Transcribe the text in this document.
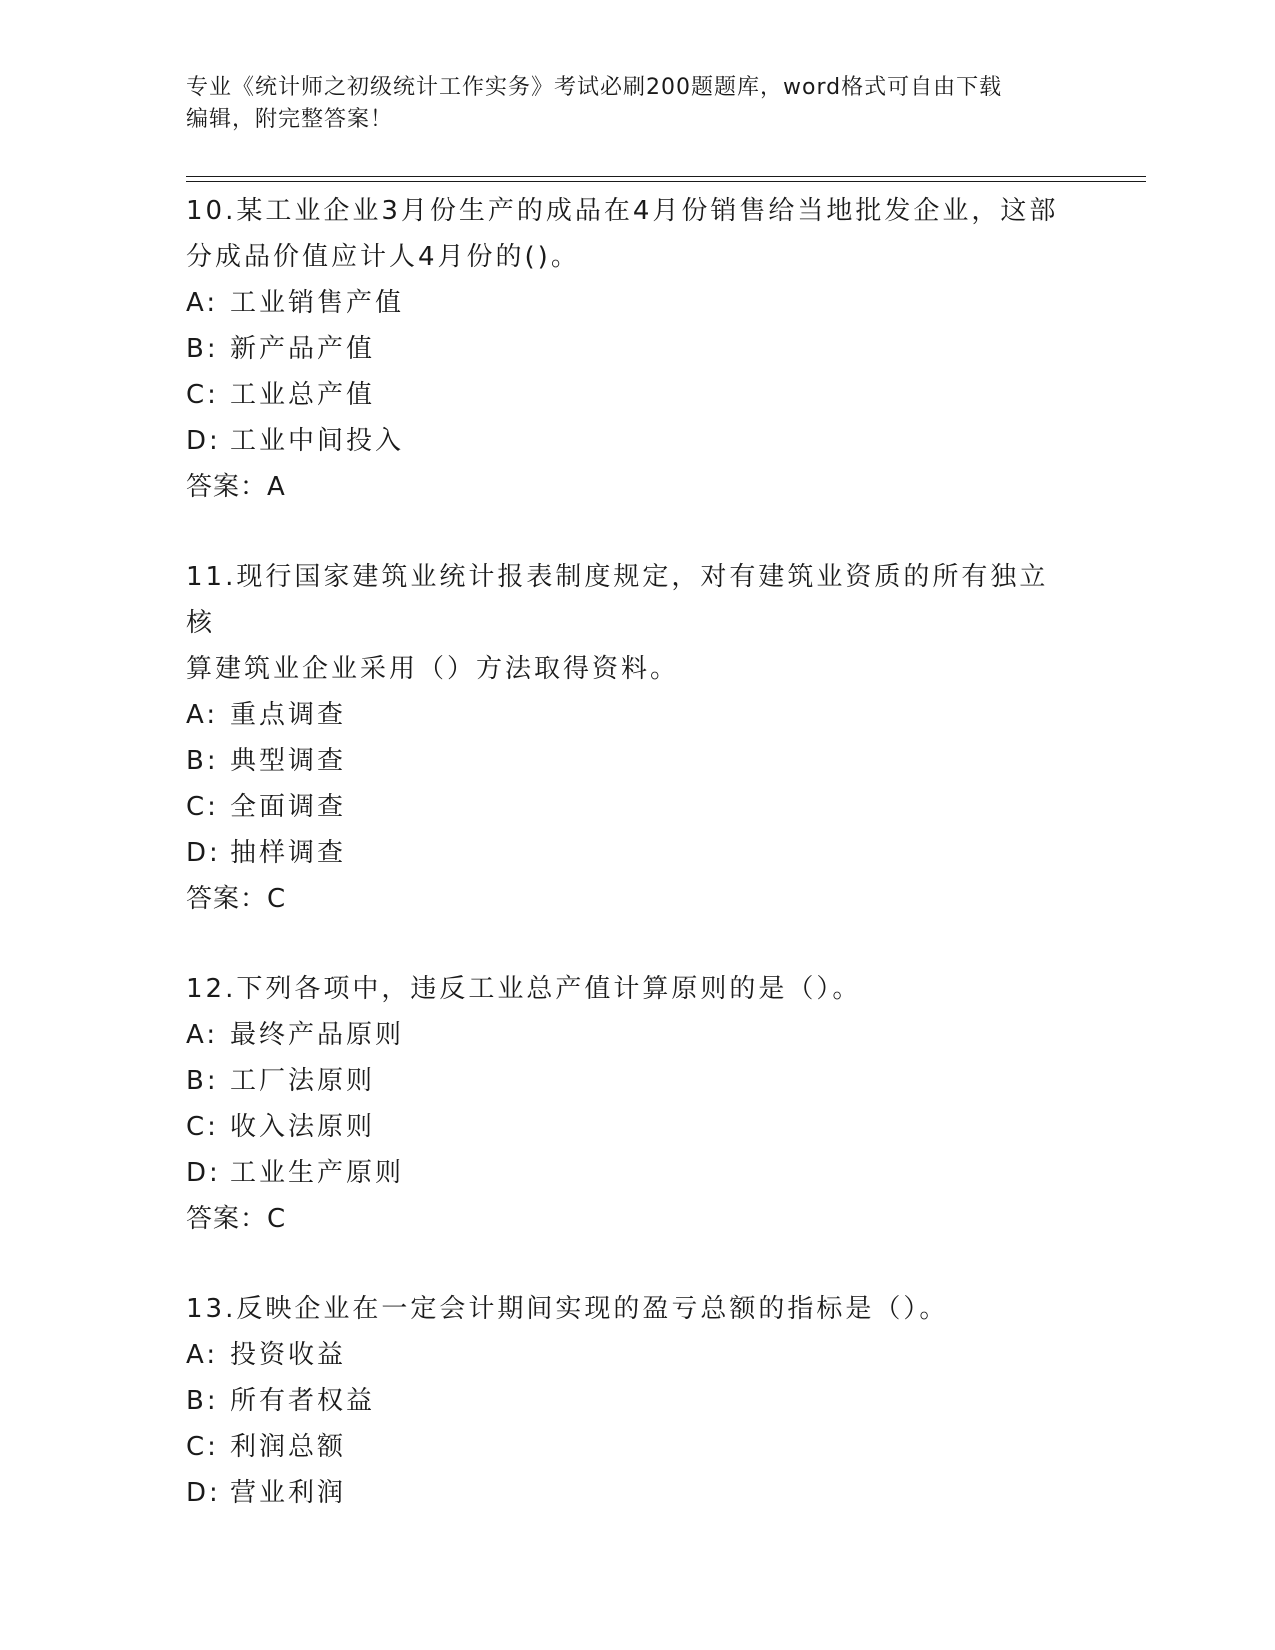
专业《统计师之初级统计工作实务》考试必刷200题题库，word格式可自由下载
编辑，附完整答案！
10.某工业企业3月份生产的成品在4月份销售给当地批发企业，这部
分成品价值应计人4月份的()。
A: 工业销售产值
B: 新产品产值
C: 工业总产值
D: 工业中间投入
答案：A
11.现行国家建筑业统计报表制度规定，对有建筑业资质的所有独立核
算建筑业企业采用（）方法取得资料。
A: 重点调查
B: 典型调查
C: 全面调查
D: 抽样调查
答案：C
12.下列各项中，违反工业总产值计算原则的是（）。
A: 最终产品原则
B: 工厂法原则
C: 收入法原则
D: 工业生产原则
答案：C
13.反映企业在一定会计期间实现的盈亏总额的指标是（）。
A: 投资收益
B: 所有者权益
C: 利润总额
D: 营业利润
